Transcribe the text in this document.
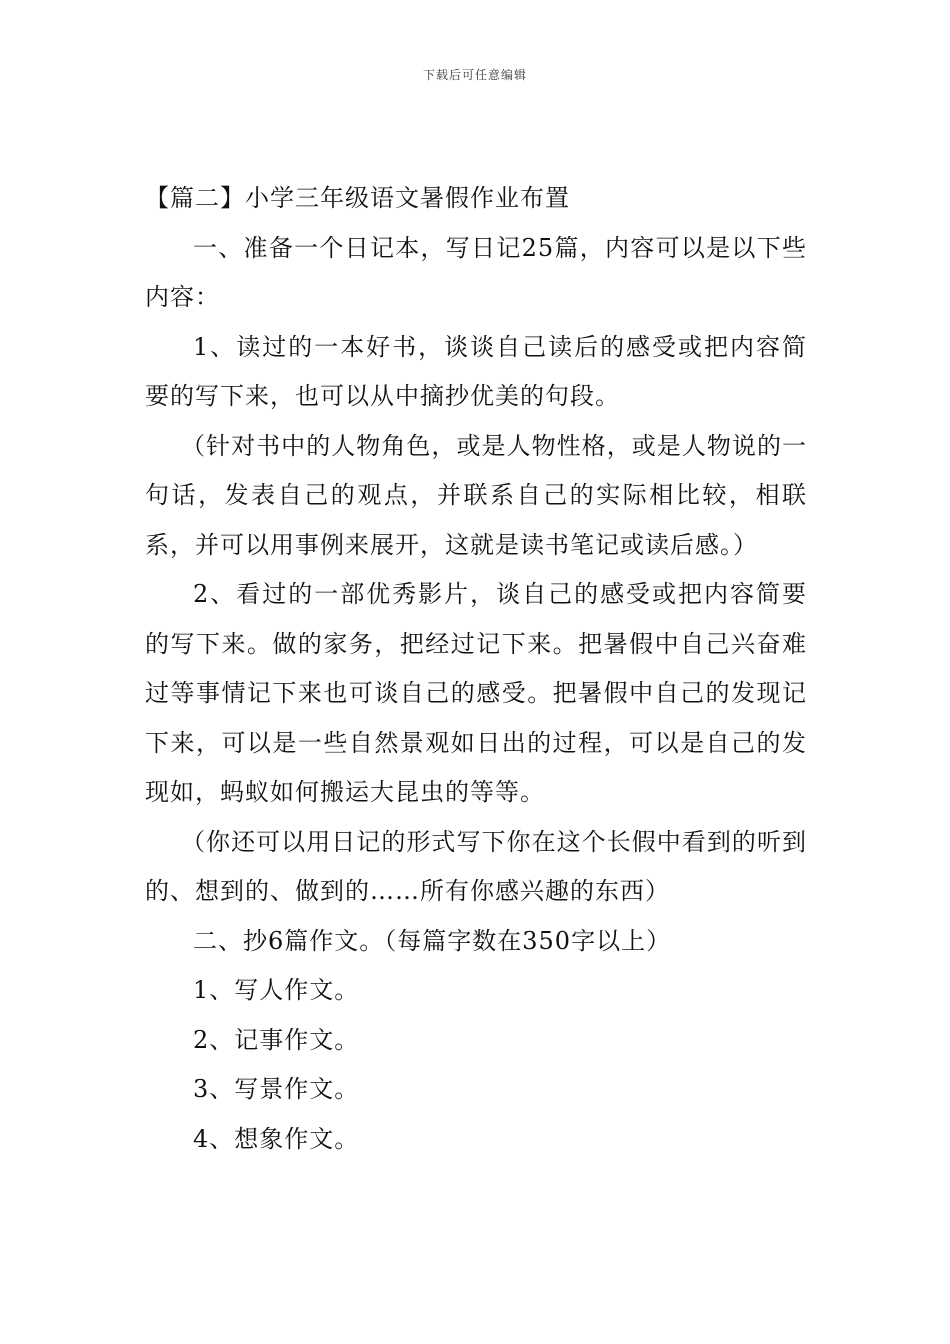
下载后可任意编辑

【篇二】小学三年级语文暑假作业布置

一、准备一个日记本，写日记25篇，内容可以是以下些内容：

1、读过的一本好书，谈谈自己读后的感受或把内容简要的写下来，也可以从中摘抄优美的句段。

（针对书中的人物角色，或是人物性格，或是人物说的一句话，发表自己的观点，并联系自己的实际相比较，相联系，并可以用事例来展开，这就是读书笔记或读后感。）

2、看过的一部优秀影片，谈自己的感受或把内容简要的写下来。做的家务，把经过记下来。把暑假中自己兴奋难过等事情记下来也可谈自己的感受。把暑假中自己的发现记下来，可以是一些自然景观如日出的过程，可以是自己的发现如，蚂蚁如何搬运大昆虫的等等。

（你还可以用日记的形式写下你在这个长假中看到的听到的、想到的、做到的……所有你感兴趣的东西）

二、抄6篇作文。（每篇字数在350字以上）

1、写人作文。

2、记事作文。

3、写景作文。

4、想象作文。
